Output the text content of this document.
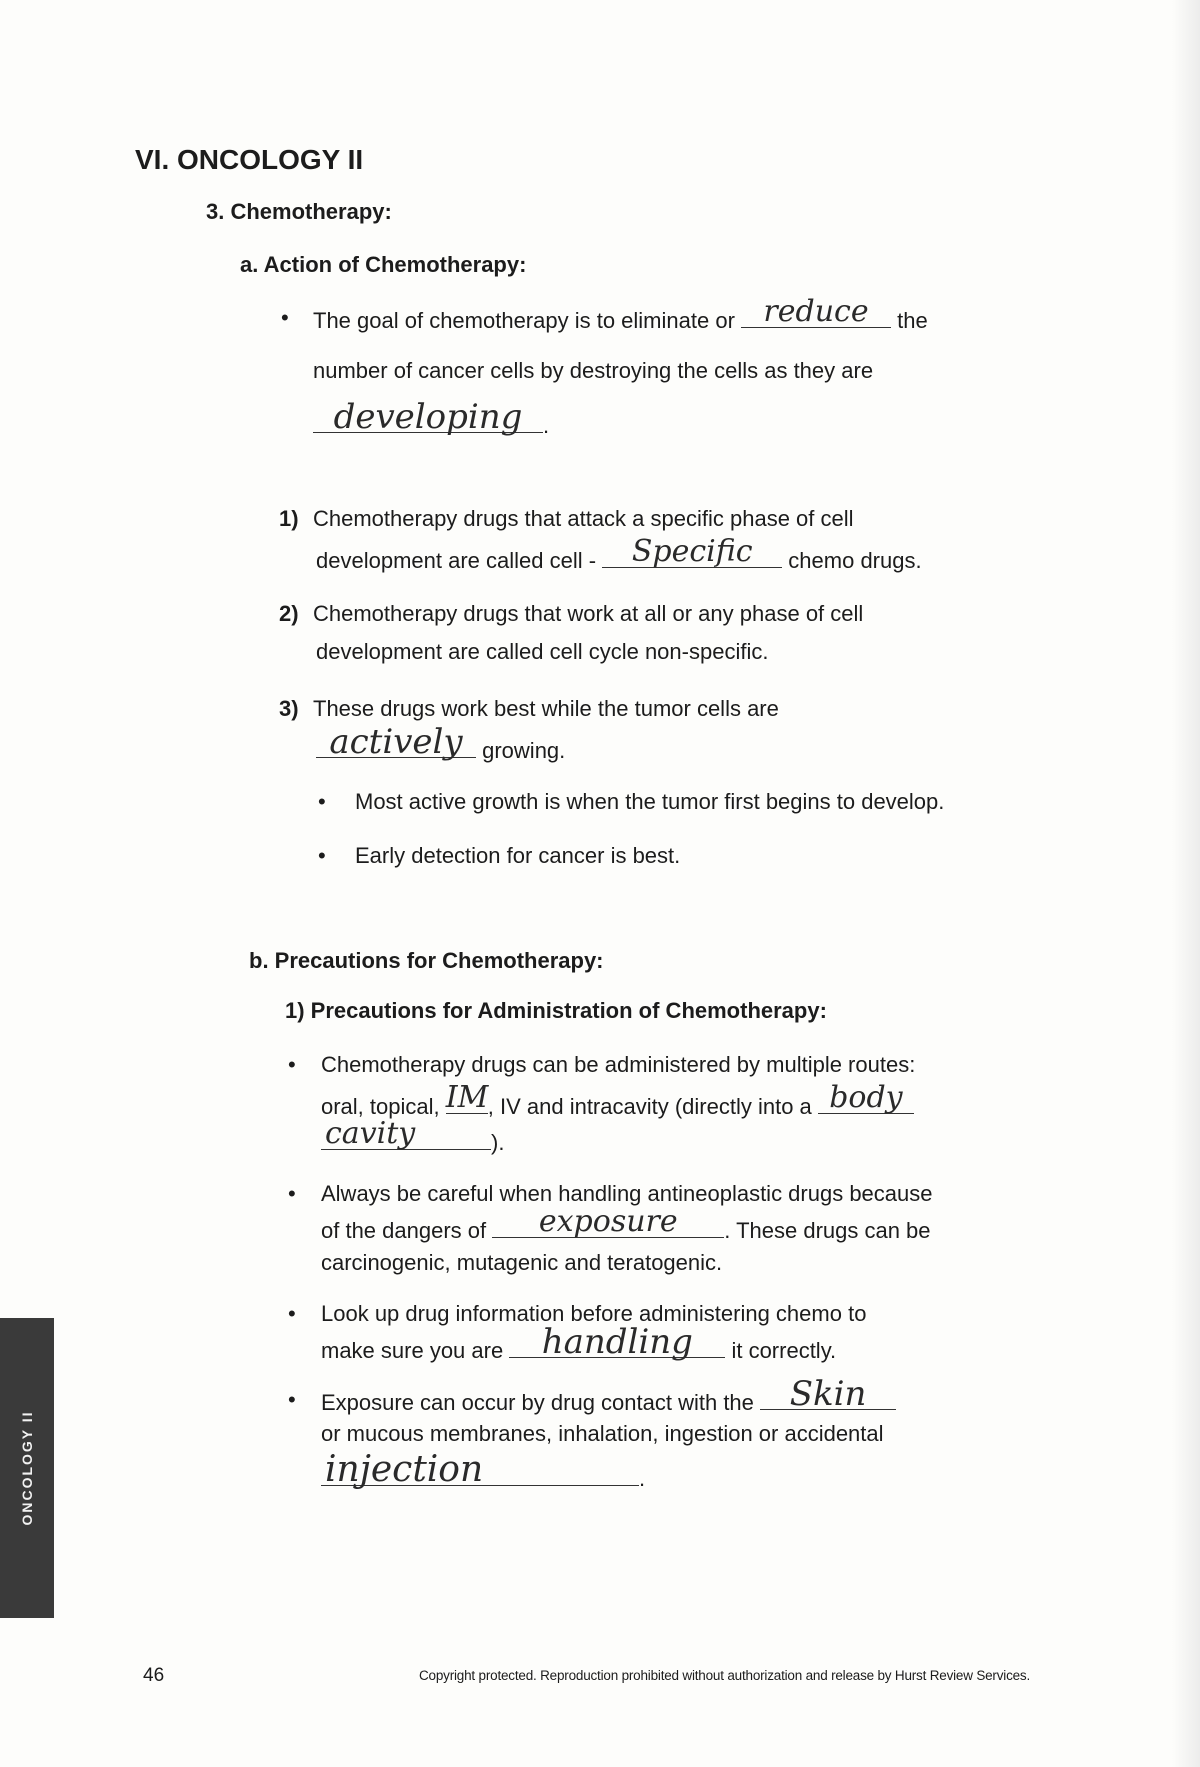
VI. ONCOLOGY II
3. Chemotherapy:
a. Action of Chemotherapy:
• The goal of chemotherapy is to eliminate or reduce	the
number of cancer cells by destroying the cells as they are
developing .
1) Chemotherapy drugs that attack a specific phase of cell
development are called cell -	Specific	chemo drugs.
2) Chemotherapy drugs that work at all or any phase of cell
development are called cell cycle non-specific.
3) These drugs work best while the tumor cells are
actively growing.
• Most active growth is when the tumor first begins to develop.
• Early detection for cancer is best.
b. Precautions for Chemotherapy:
1) Precautions for Administration of Chemotherapy:
• Chemotherapy drugs can be administered by multiple routes:
oral, topical, IM , IV and intracavity (directly into a body
cavity	).
• Always be careful when handling antineoplastic drugs because
of the dangers of	exposure	. These drugs can be
carcinogenic, mutagenic and teratogenic.
• Look up drug information before administering chemo to
make sure you are	handling	it correctly.
• Exposure can occur by drug contact with the	Skin
or mucous membranes, inhalation, ingestion or accidental
injection	.
ONCOLOGY II
46	Copyright protected. Reproduction prohibited without authorization and release by Hurst Review Services.
